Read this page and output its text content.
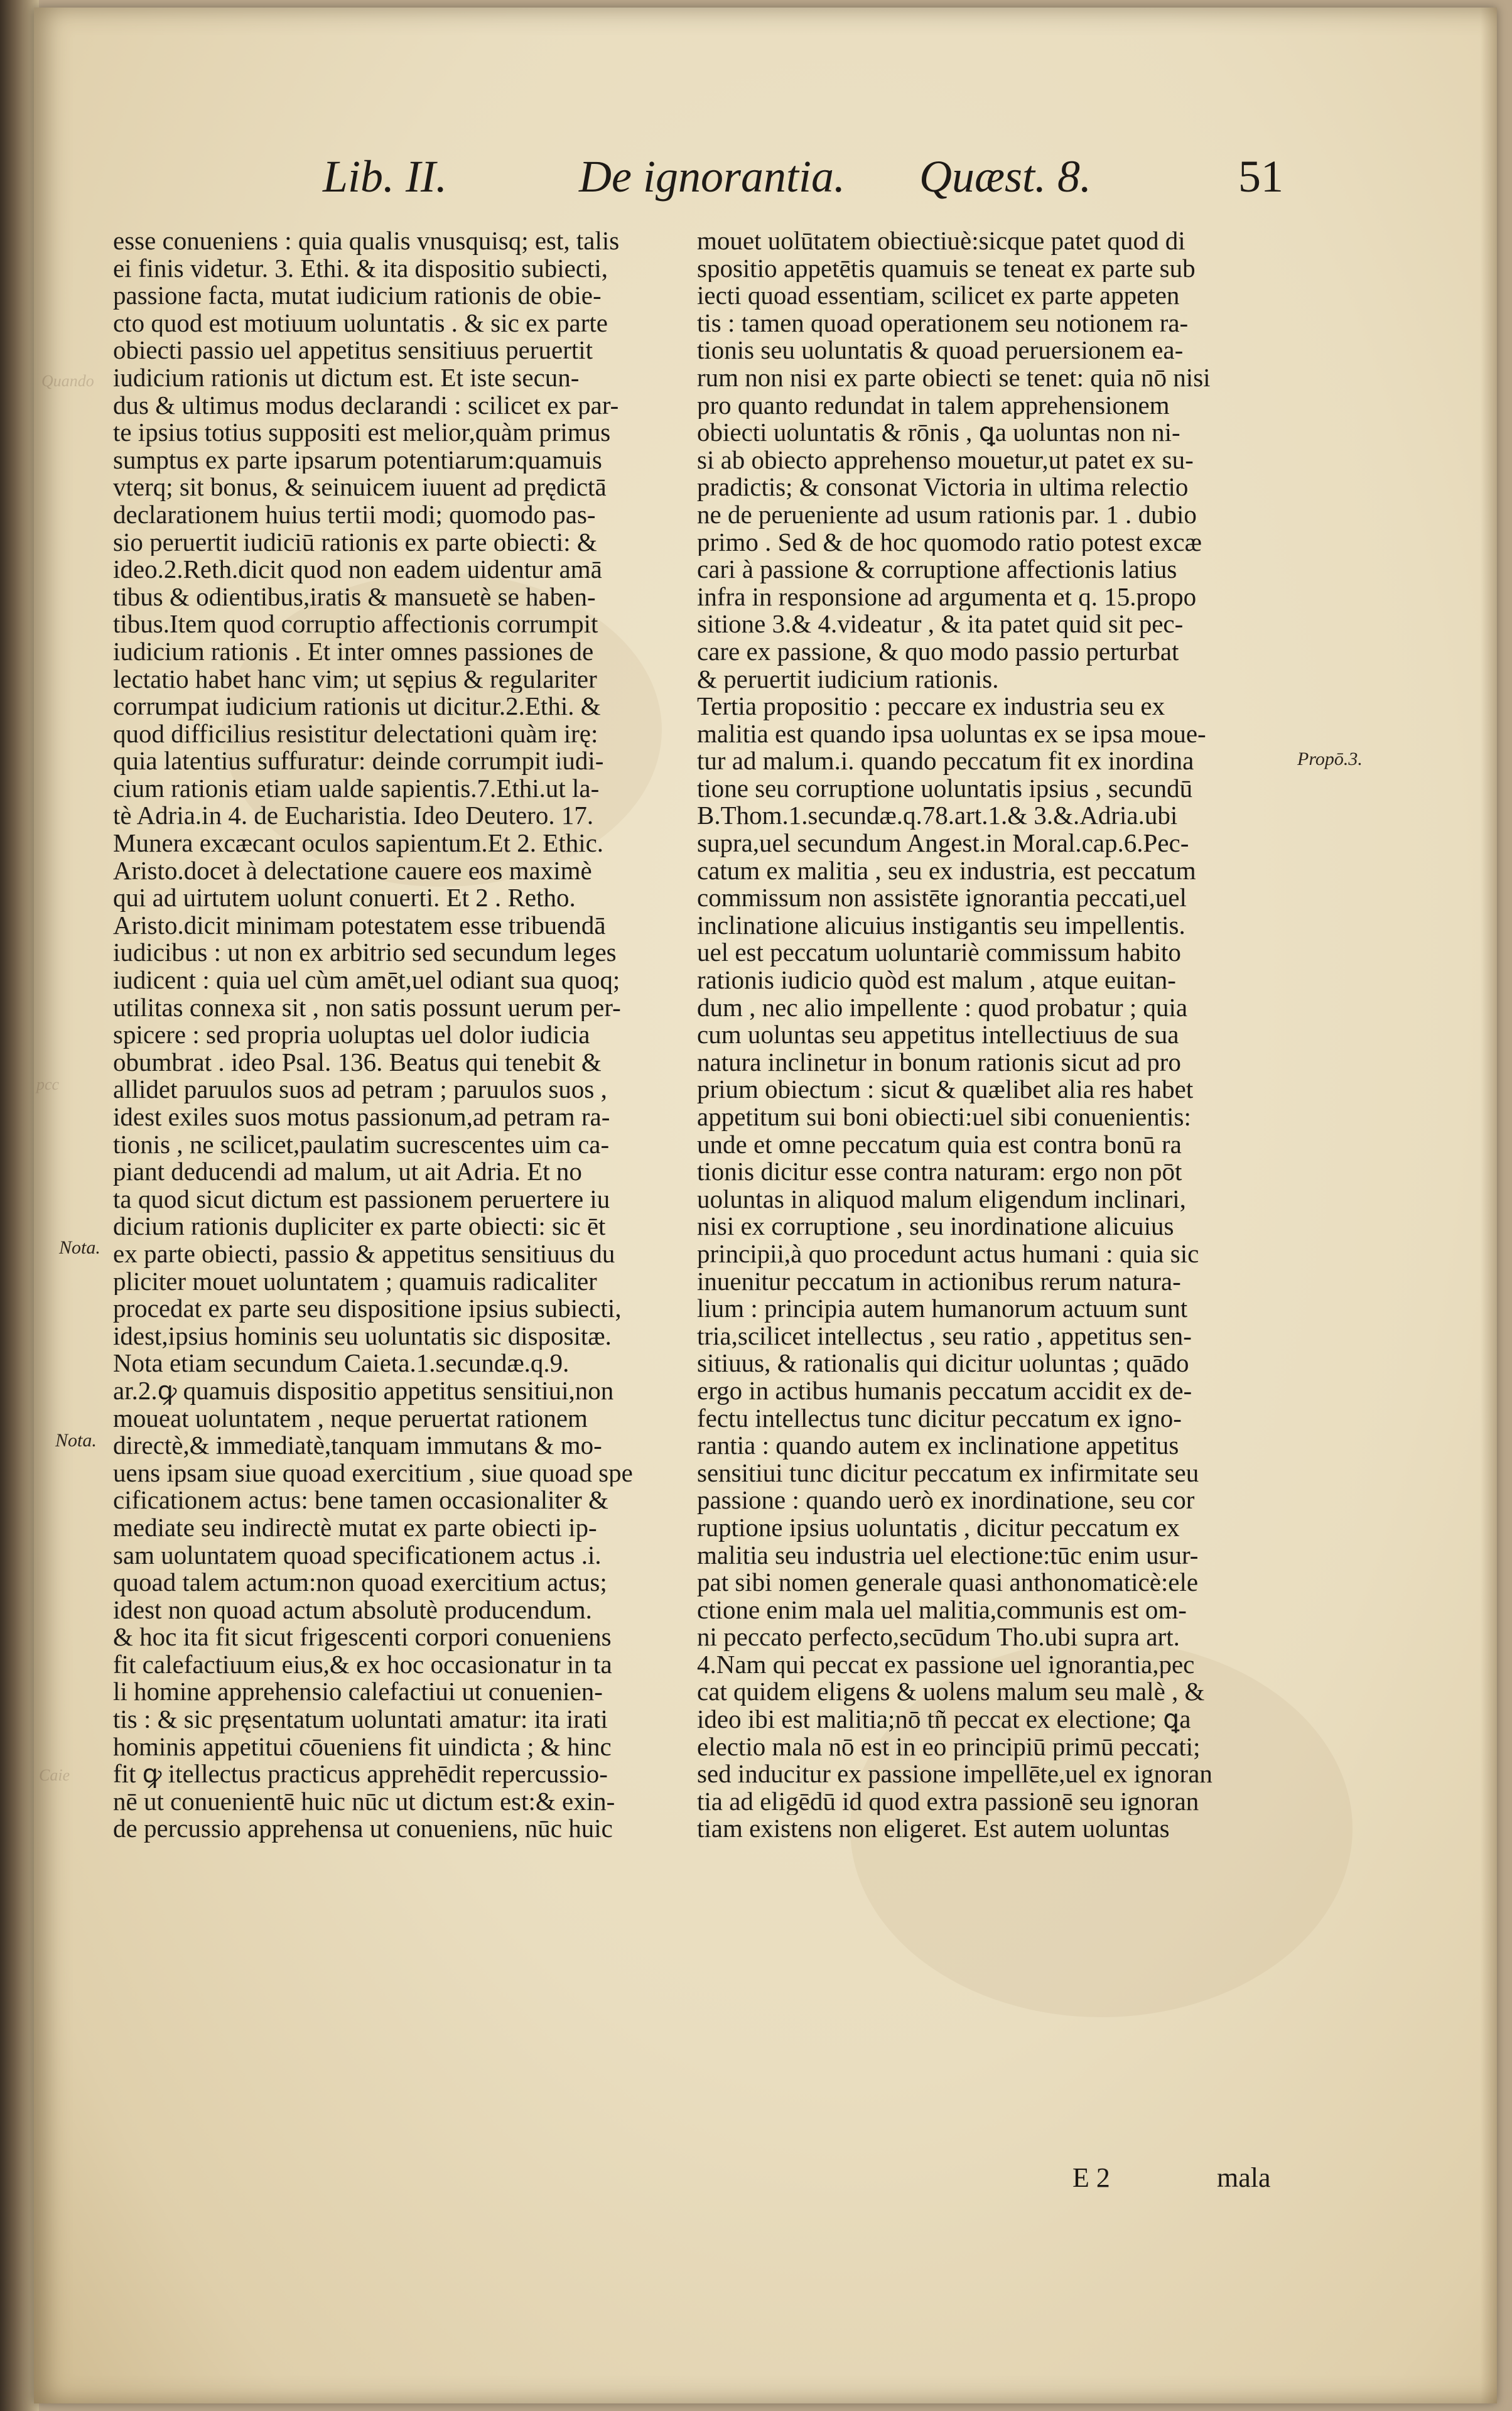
Quando
pcc
Caie
Lib. II.	De ignorantia. Quæst. 8.	51
esse conueniens : quia qualis vnusquisq; est, talis
ei finis videtur. 3. Ethi. & ita dispositio subiecti,
passione facta, mutat iudicium rationis de obie-
cto quod est motiuum uoluntatis . & sic ex parte
obiecti passio uel appetitus sensitiuus peruertit
iudicium rationis ut dictum est. Et iste secun-
dus & ultimus modus declarandi : scilicet ex par-
te ipsius totius suppositi est melior,quàm primus
sumptus ex parte ipsarum potentiarum:quamuis
vterq; sit bonus, & seinuicem iuuent ad prędictā
declarationem huius tertii modi; quomodo pas-
sio peruertit iudiciū rationis ex parte obiecti: &
ideo.2.Reth.dicit quod non eadem uidentur amā
tibus & odientibus,iratis & mansuetè se haben-
tibus.Item quod corruptio affectionis corrumpit
iudicium rationis . Et inter omnes passiones de
lectatio habet hanc vim; ut sępius & regulariter
corrumpat iudicium rationis ut dicitur.2.Ethi. &
quod difficilius resistitur delectationi quàm irę:
quia latentius suffuratur: deinde corrumpit iudi-
cium rationis etiam ualde sapientis.7.Ethi.ut la-
tè Adria.in 4. de Eucharistia. Ideo Deutero. 17.
Munera excæcant oculos sapientum.Et 2. Ethic.
Aristo.docet à delectatione cauere eos maximè
qui ad uirtutem uolunt conuerti. Et 2 . Retho.
Aristo.dicit minimam potestatem esse tribuendā
iudicibus : ut non ex arbitrio sed secundum leges
iudicent : quia uel cùm amēt,uel odiant sua quoq;
utilitas connexa sit , non satis possunt uerum per-
spicere : sed propria uoluptas uel dolor iudicia
obumbrat . ideo Psal. 136. Beatus qui tenebit &
allidet paruulos suos ad petram ; paruulos suos ,
idest exiles suos motus passionum,ad petram ra-
tionis , ne scilicet,paulatim sucrescentes uim ca-
piant deducendi ad malum, ut ait Adria. Et no
ta quod sicut dictum est passionem peruertere iu
dicium rationis dupliciter ex parte obiecti: sic ēt
ex parte obiecti, passio & appetitus sensitiuus du
pliciter mouet uoluntatem ; quamuis radicaliter
procedat ex parte seu dispositione ipsius subiecti,
idest,ipsius hominis seu uoluntatis sic dispositæ.
Nota etiam secundum Caieta.1.secundæ.q.9.
ar.2.ꝙ quamuis dispositio appetitus sensitiui,non
moueat uoluntatem , neque peruertat rationem
directè,& immediatè,tanquam immutans & mo-
uens ipsam siue quoad exercitium , siue quoad spe
cificationem actus: bene tamen occasionaliter &
mediate seu indirectè mutat ex parte obiecti ip-
sam uoluntatem quoad specificationem actus .i.
quoad talem actum:non quoad exercitium actus;
idest non quoad actum absolutè producendum.
& hoc ita fit sicut frigescenti corpori conueniens
fit calefactiuum eius,& ex hoc occasionatur in ta
li homine apprehensio calefactiui ut conuenien-
tis : & sic pręsentatum uoluntati amatur: ita irati
hominis appetitui cōueniens fit uindicta ; & hinc
fit ꝙ itellectus practicus apprehēdit repercussio-
nē ut conuenientē huic nūc ut dictum est:& exin-
de percussio apprehensa ut conueniens, nūc huic
mouet uolūtatem obiectiuè:sicque patet quod di
spositio appetētis quamuis se teneat ex parte sub
iecti quoad essentiam, scilicet ex parte appeten
tis : tamen quoad operationem seu notionem ra-
tionis seu uoluntatis & quoad peruersionem ea-
rum non nisi ex parte obiecti se tenet: quia nō nisi
pro quanto redundat in talem apprehensionem
obiecti uoluntatis & rōnis , ꝗa uoluntas non ni-
si ab obiecto apprehenso mouetur,ut patet ex su-
pradictis; & consonat Victoria in ultima relectio
ne de perueniente ad usum rationis par. 1 . dubio
primo . Sed & de hoc quomodo ratio potest excæ
cari à passione & corruptione affectionis latius
infra in responsione ad argumenta et q. 15.propo
sitione 3.& 4.videatur , & ita patet quid sit pec-
care ex passione, & quo modo passio perturbat
& peruertit iudicium rationis.
Tertia propositio : peccare ex industria seu ex
malitia est quando ipsa uoluntas ex se ipsa moue-
tur ad malum.i. quando peccatum fit ex inordina
tione seu corruptione uoluntatis ipsius , secundū
B.Thom.1.secundæ.q.78.art.1.& 3.&.Adria.ubi
supra,uel secundum Angest.in Moral.cap.6.Pec-
catum ex malitia , seu ex industria, est peccatum
commissum non assistēte ignorantia peccati,uel
inclinatione alicuius instigantis seu impellentis.
uel est peccatum uoluntariè commissum habito
rationis iudicio quòd est malum , atque euitan-
dum , nec alio impellente : quod probatur ; quia
cum uoluntas seu appetitus intellectiuus de sua
natura inclinetur in bonum rationis sicut ad pro
prium obiectum : sicut & quælibet alia res habet
appetitum sui boni obiecti:uel sibi conuenientis:
unde et omne peccatum quia est contra bonū ra
tionis dicitur esse contra naturam: ergo non pōt
uoluntas in aliquod malum eligendum inclinari,
nisi ex corruptione , seu inordinatione alicuius
principii,à quo procedunt actus humani : quia sic
inuenitur peccatum in actionibus rerum natura-
lium : principia autem humanorum actuum sunt
tria,scilicet intellectus , seu ratio , appetitus sen-
sitiuus, & rationalis qui dicitur uoluntas ; quādo
ergo in actibus humanis peccatum accidit ex de-
fectu intellectus tunc dicitur peccatum ex igno-
rantia : quando autem ex inclinatione appetitus
sensitiui tunc dicitur peccatum ex infirmitate seu
passione : quando uerò ex inordinatione, seu cor
ruptione ipsius uoluntatis , dicitur peccatum ex
malitia seu industria uel electione:tūc enim usur-
pat sibi nomen generale quasi anthonomaticè:ele
ctione enim mala uel malitia,communis est om-
ni peccato perfecto,secūdum Tho.ubi supra art.
4.Nam qui peccat ex passione uel ignorantia,pec
cat quidem eligens & uolens malum seu malè , &
ideo ibi est malitia;nō tñ peccat ex electione; ꝗa
electio mala nō est in eo principiū primū peccati;
sed inducitur ex passione impellēte,uel ex ignoran
tia ad eligēdū id quod extra passionē seu ignoran
tiam existens non eligeret. Est autem uoluntas
Nota.
Nota.
Propō.3.
E 2	mala
